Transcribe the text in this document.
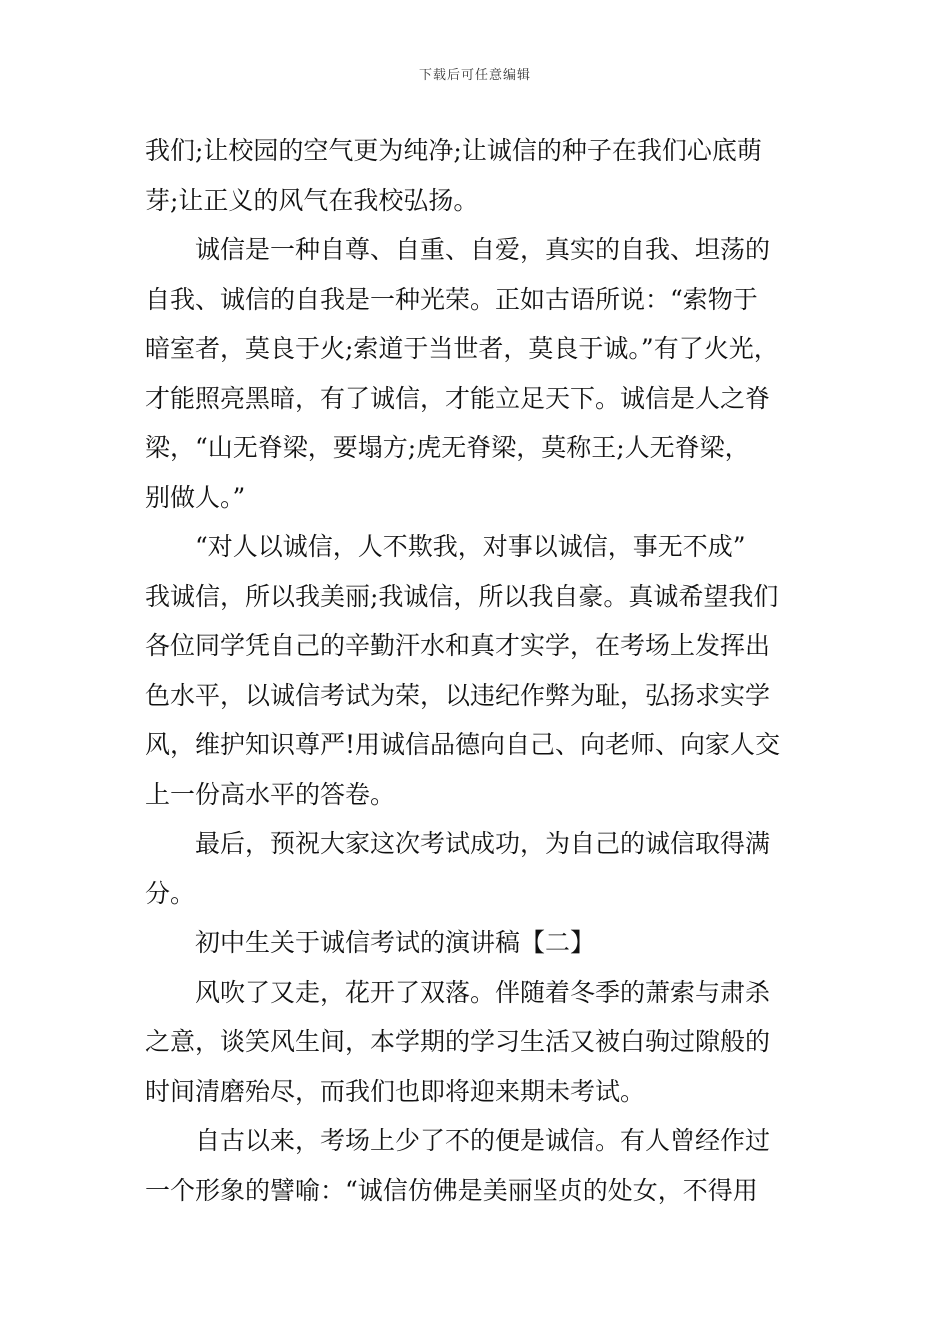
下载后可任意编辑

我们;让校园的空气更为纯净;让诚信的种子在我们心底萌
芽;让正义的风气在我校弘扬。

诚信是一种自尊、自重、自爱，真实的自我、坦荡的
自我、诚信的自我是一种光荣。正如古语所说：“索物于
暗室者，莫良于火;索道于当世者，莫良于诚。”有了火光，
才能照亮黑暗，有了诚信，才能立足天下。诚信是人之脊
梁，“山无脊梁，要塌方;虎无脊梁，莫称王;人无脊梁，
别做人。”

“对人以诚信，人不欺我，对事以诚信，事无不成”
我诚信，所以我美丽;我诚信，所以我自豪。真诚希望我们
各位同学凭自己的辛勤汗水和真才实学，在考场上发挥出
色水平，以诚信考试为荣，以违纪作弊为耻，弘扬求实学
风，维护知识尊严!用诚信品德向自己、向老师、向家人交
上一份高水平的答卷。

最后，预祝大家这次考试成功，为自己的诚信取得满
分。

初中生关于诚信考试的演讲稿【二】

风吹了又走，花开了双落。伴随着冬季的萧索与肃杀
之意，谈笑风生间，本学期的学习生活又被白驹过隙般的
时间清磨殆尽，而我们也即将迎来期未考试。

自古以来，考场上少了不的便是诚信。有人曾经作过
一个形象的譬喻：“诚信仿佛是美丽坚贞的处女，不得用
